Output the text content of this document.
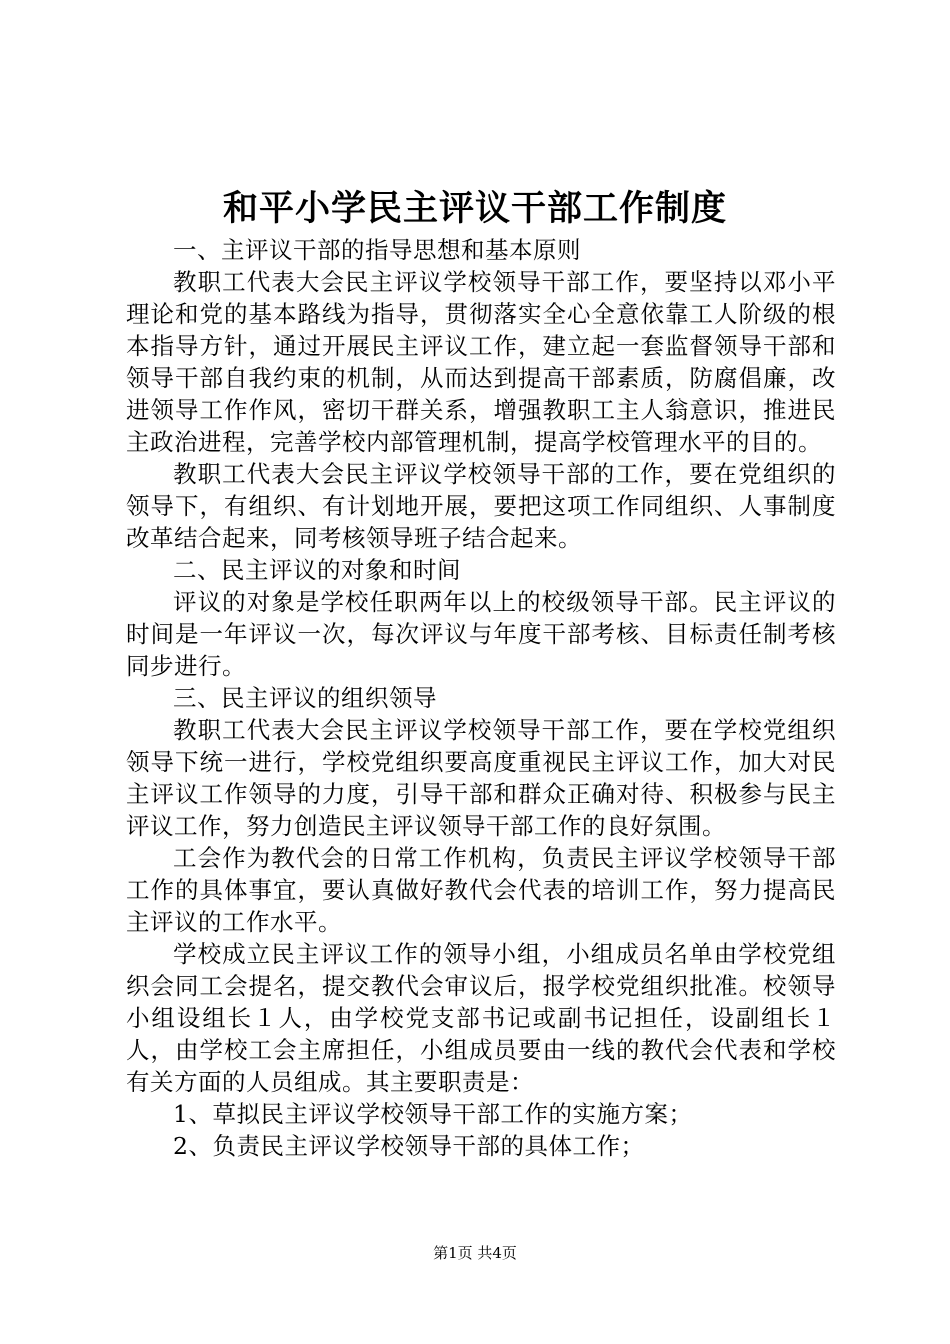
和平小学民主评议干部工作制度

一、主评议干部的指导思想和基本原则

教职工代表大会民主评议学校领导干部工作，要坚持以邓小平理论和党的基本路线为指导，贯彻落实全心全意依靠工人阶级的根本指导方针，通过开展民主评议工作，建立起一套监督领导干部和领导干部自我约束的机制，从而达到提高干部素质，防腐倡廉，改进领导工作作风，密切干群关系，增强教职工主人翁意识，推进民主政治进程，完善学校内部管理机制，提高学校管理水平的目的。

教职工代表大会民主评议学校领导干部的工作，要在党组织的领导下，有组织、有计划地开展，要把这项工作同组织、人事制度改革结合起来，同考核领导班子结合起来。

二、民主评议的对象和时间

评议的对象是学校任职两年以上的校级领导干部。民主评议的时间是一年评议一次，每次评议与年度干部考核、目标责任制考核同步进行。

三、民主评议的组织领导

教职工代表大会民主评议学校领导干部工作，要在学校党组织领导下统一进行，学校党组织要高度重视民主评议工作，加大对民主评议工作领导的力度，引导干部和群众正确对待、积极参与民主评议工作，努力创造民主评议领导干部工作的良好氛围。

工会作为教代会的日常工作机构，负责民主评议学校领导干部工作的具体事宜，要认真做好教代会代表的培训工作，努力提高民主评议的工作水平。

学校成立民主评议工作的领导小组，小组成员名单由学校党组织会同工会提名，提交教代会审议后，报学校党组织批准。校领导小组设组长１人，由学校党支部书记或副书记担任，设副组长１人，由学校工会主席担任，小组成员要由一线的教代会代表和学校有关方面的人员组成。其主要职责是：

1、草拟民主评议学校领导干部工作的实施方案；

2、负责民主评议学校领导干部的具体工作；

第1页 共4页
